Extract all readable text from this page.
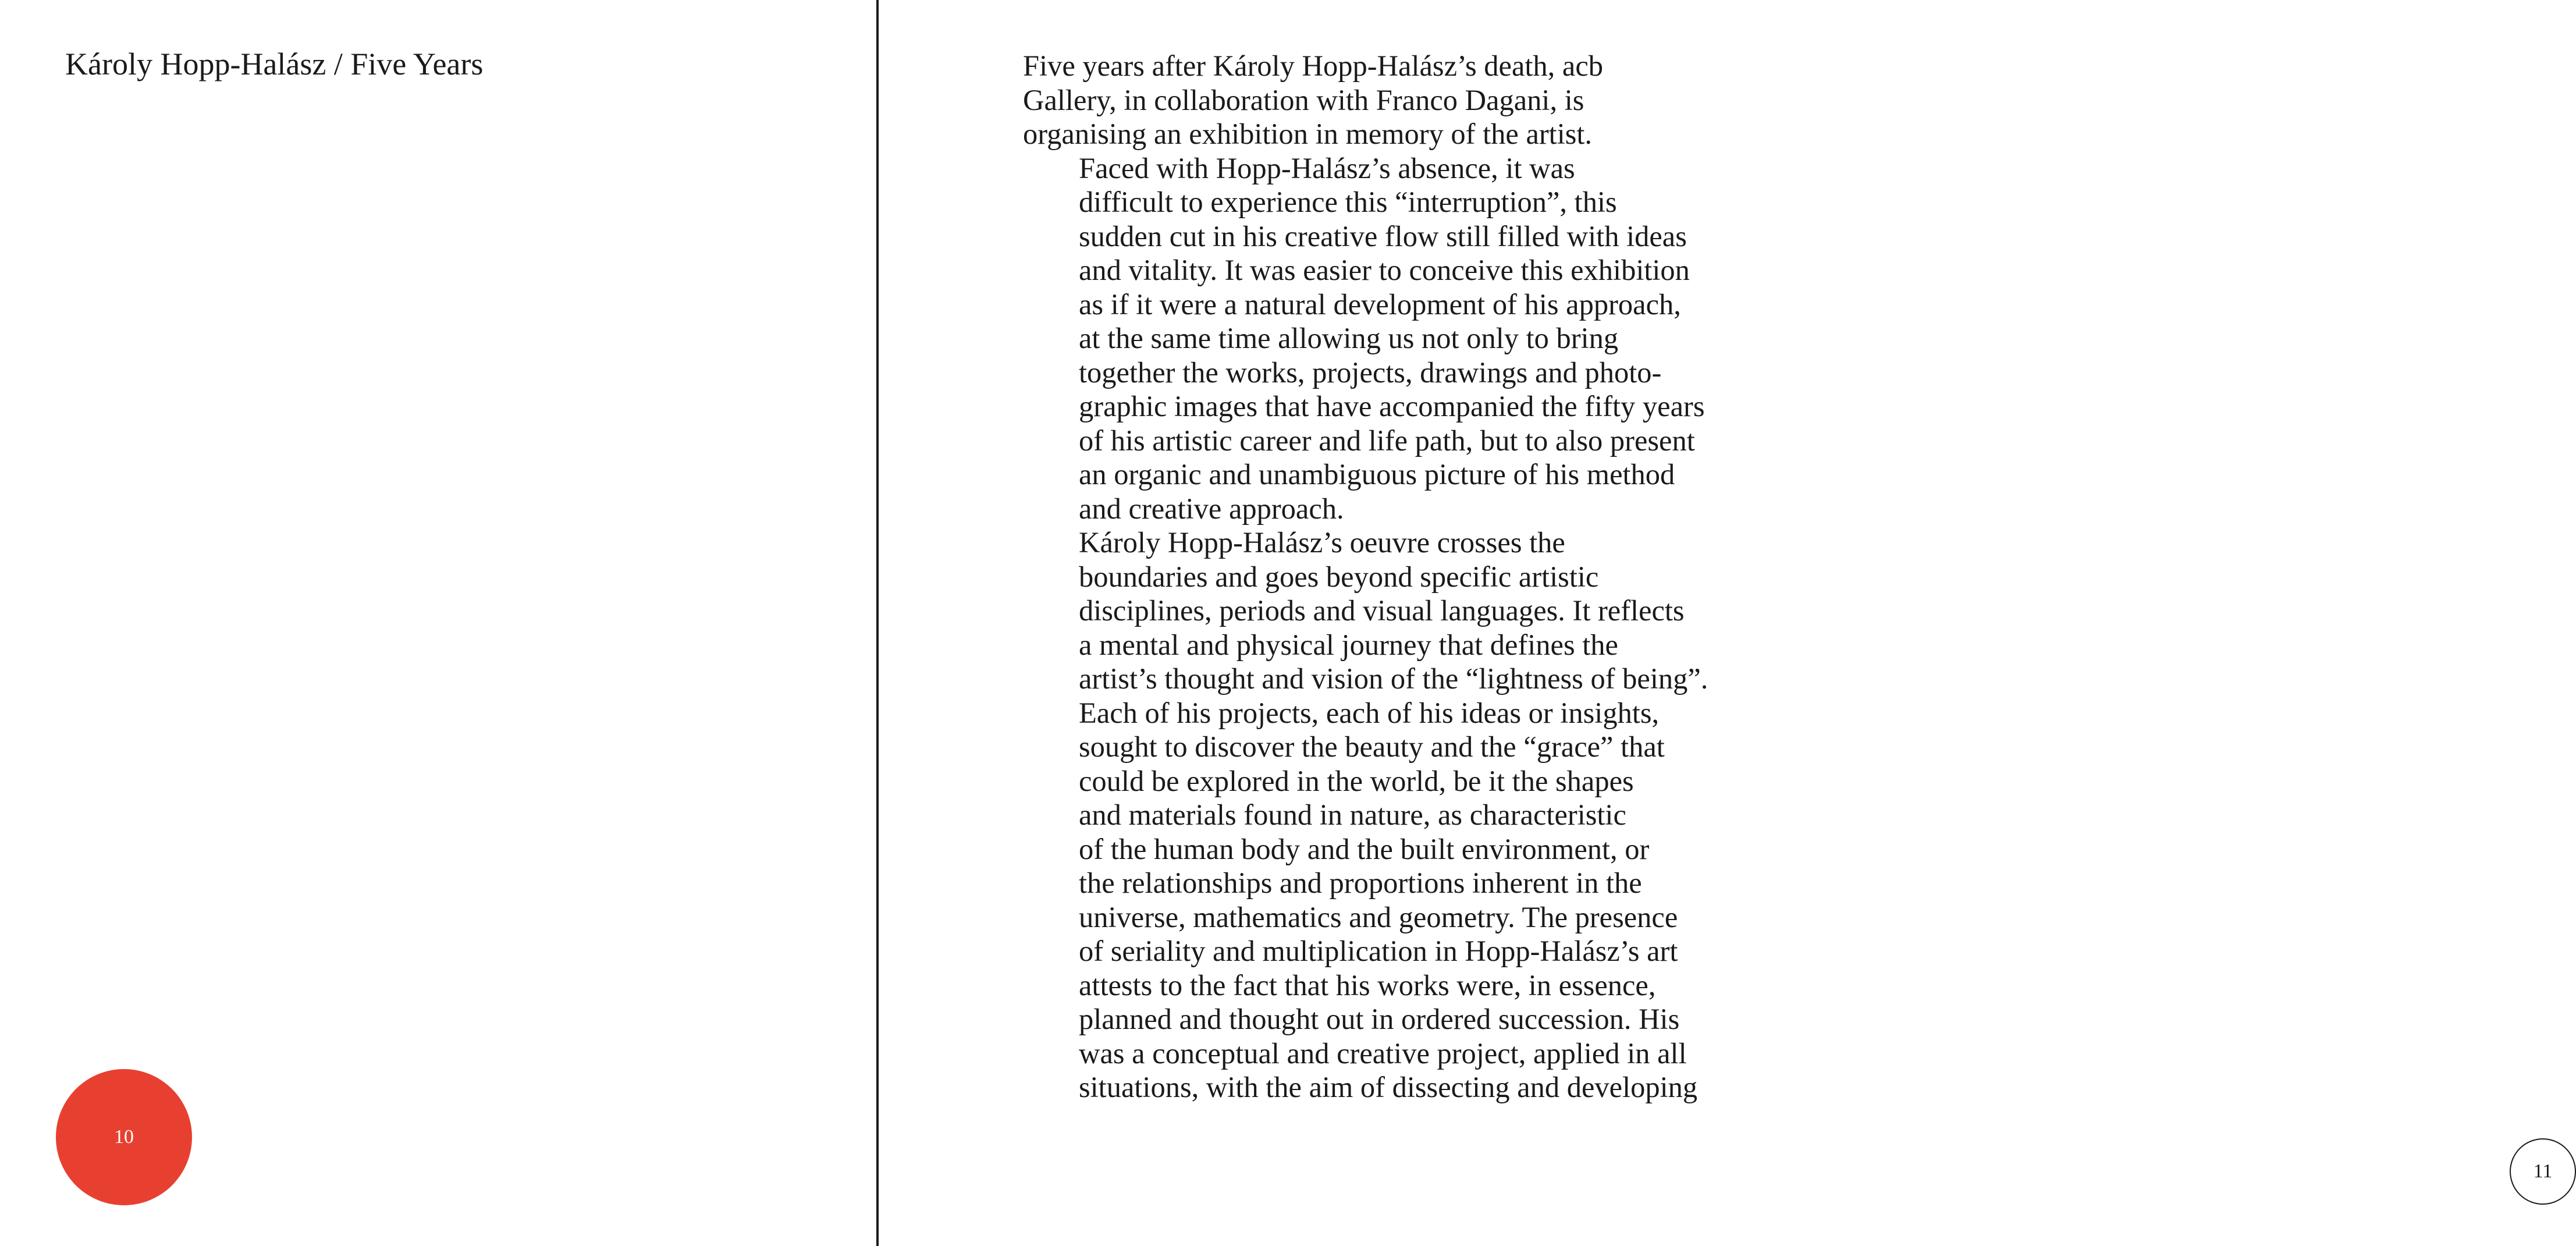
Károly Hopp-Halász / Five Years
10
11

Five years after Károly Hopp-Halász’s death, acb
Gallery, in collaboration with Franco Dagani, is
organising an exhibition in memory of the artist.

Faced with Hopp-Halász’s absence, it was
difficult to experience this “interruption”, this
sudden cut in his creative flow still filled with ideas
and vitality. It was easier to conceive this exhibition
as if it were a natural development of his approach,
at the same time allowing us not only to bring
together the works, projects, drawings and photo-
graphic images that have accompanied the fifty years
of his artistic career and life path, but to also present
an organic and unambiguous picture of his method
and creative approach.

Károly Hopp-Halász’s oeuvre crosses the
boundaries and goes beyond specific artistic
disciplines, periods and visual languages. It reflects
a mental and physical journey that defines the
artist’s thought and vision of the “lightness of being”.
Each of his projects, each of his ideas or insights,
sought to discover the beauty and the “grace” that
could be explored in the world, be it the shapes
and materials found in nature, as characteristic
of the human body and the built environment, or
the relationships and proportions inherent in the
universe, mathematics and geometry. The presence
of seriality and multiplication in Hopp-Halász’s art
attests to the fact that his works were, in essence,
planned and thought out in ordered succession. His
was a conceptual and creative project, applied in all
situations, with the aim of dissecting and developing
